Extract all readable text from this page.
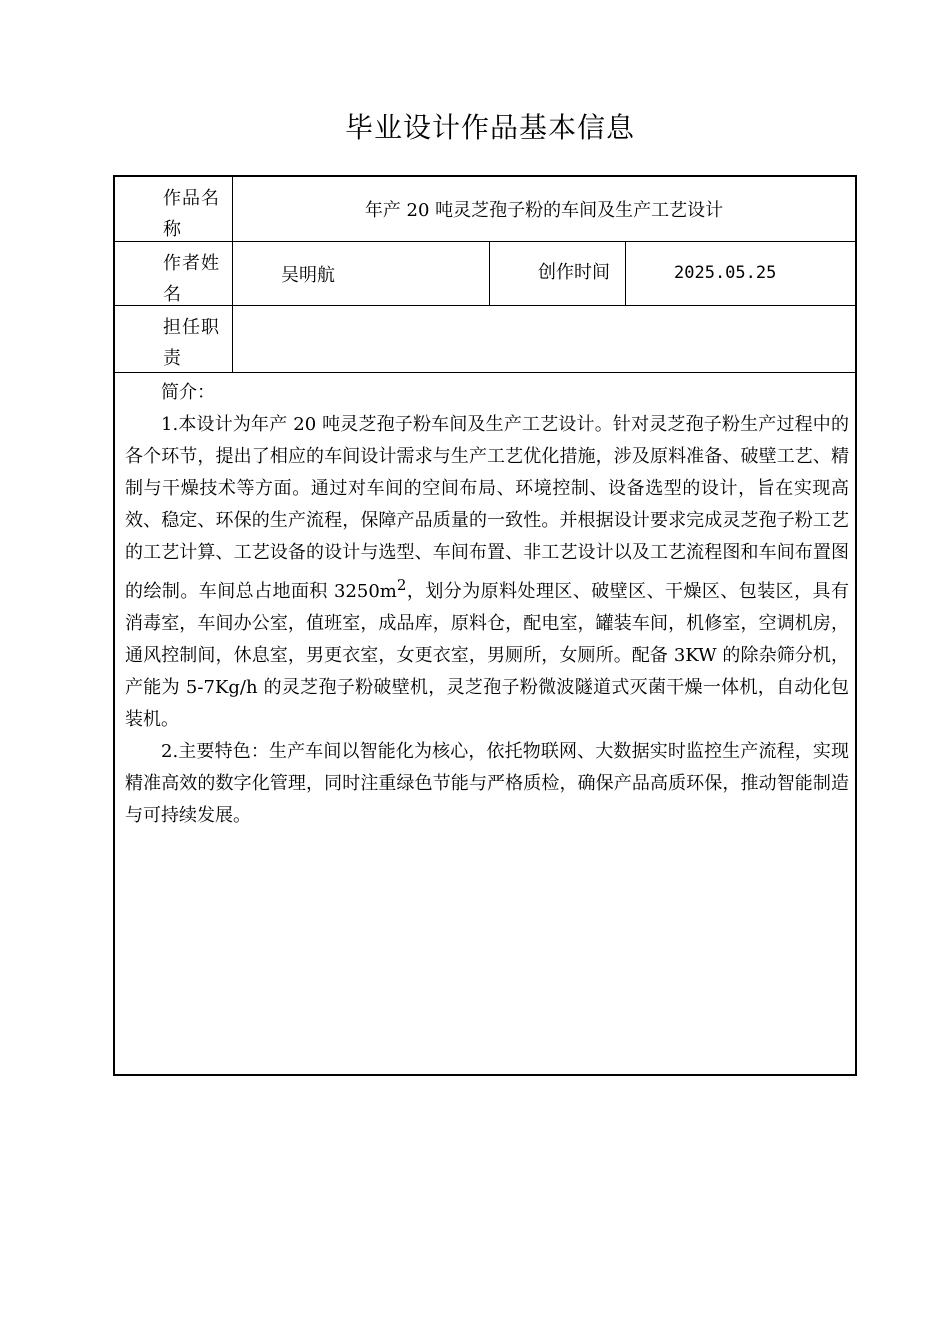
毕业设计作品基本信息
作品名称
年产 20 吨灵芝孢子粉的车间及生产工艺设计
作者姓名
吴明航	创作时间	2025.05.25
担任职责
简介：

1.本设计为年产 20 吨灵芝孢子粉车间及生产工艺设计。针对灵芝孢子粉生产过程中的各个环节，提出了相应的车间设计需求与生产工艺优化措施，涉及原料准备、破壁工艺、精制与干燥技术等方面。通过对车间的空间布局、环境控制、设备选型的设计，旨在实现高效、稳定、环保的生产流程，保障产品质量的一致性。并根据设计要求完成灵芝孢子粉工艺的工艺计算、工艺设备的设计与选型、车间布置、非工艺设计以及工艺流程图和车间布置图的绘制。车间总占地面积 $3250m^2$，划分为原料处理区、破壁区、干燥区、包装区，具有消毒室，车间办公室，值班室，成品库，原料仓，配电室，罐装车间，机修室，空调机房，通风控制间，休息室，男更衣室，女更衣室，男厕所，女厕所。配备 3KW 的除杂筛分机，产能为 5-7Kg/h 的灵芝孢子粉破壁机，灵芝孢子粉微波隧道式灭菌干燥一体机，自动化包装机。

2.主要特色：生产车间以智能化为核心，依托物联网、大数据实时监控生产流程，实现精准高效的数字化管理，同时注重绿色节能与严格质检，确保产品高质环保，推动智能制造与可持续发展。
